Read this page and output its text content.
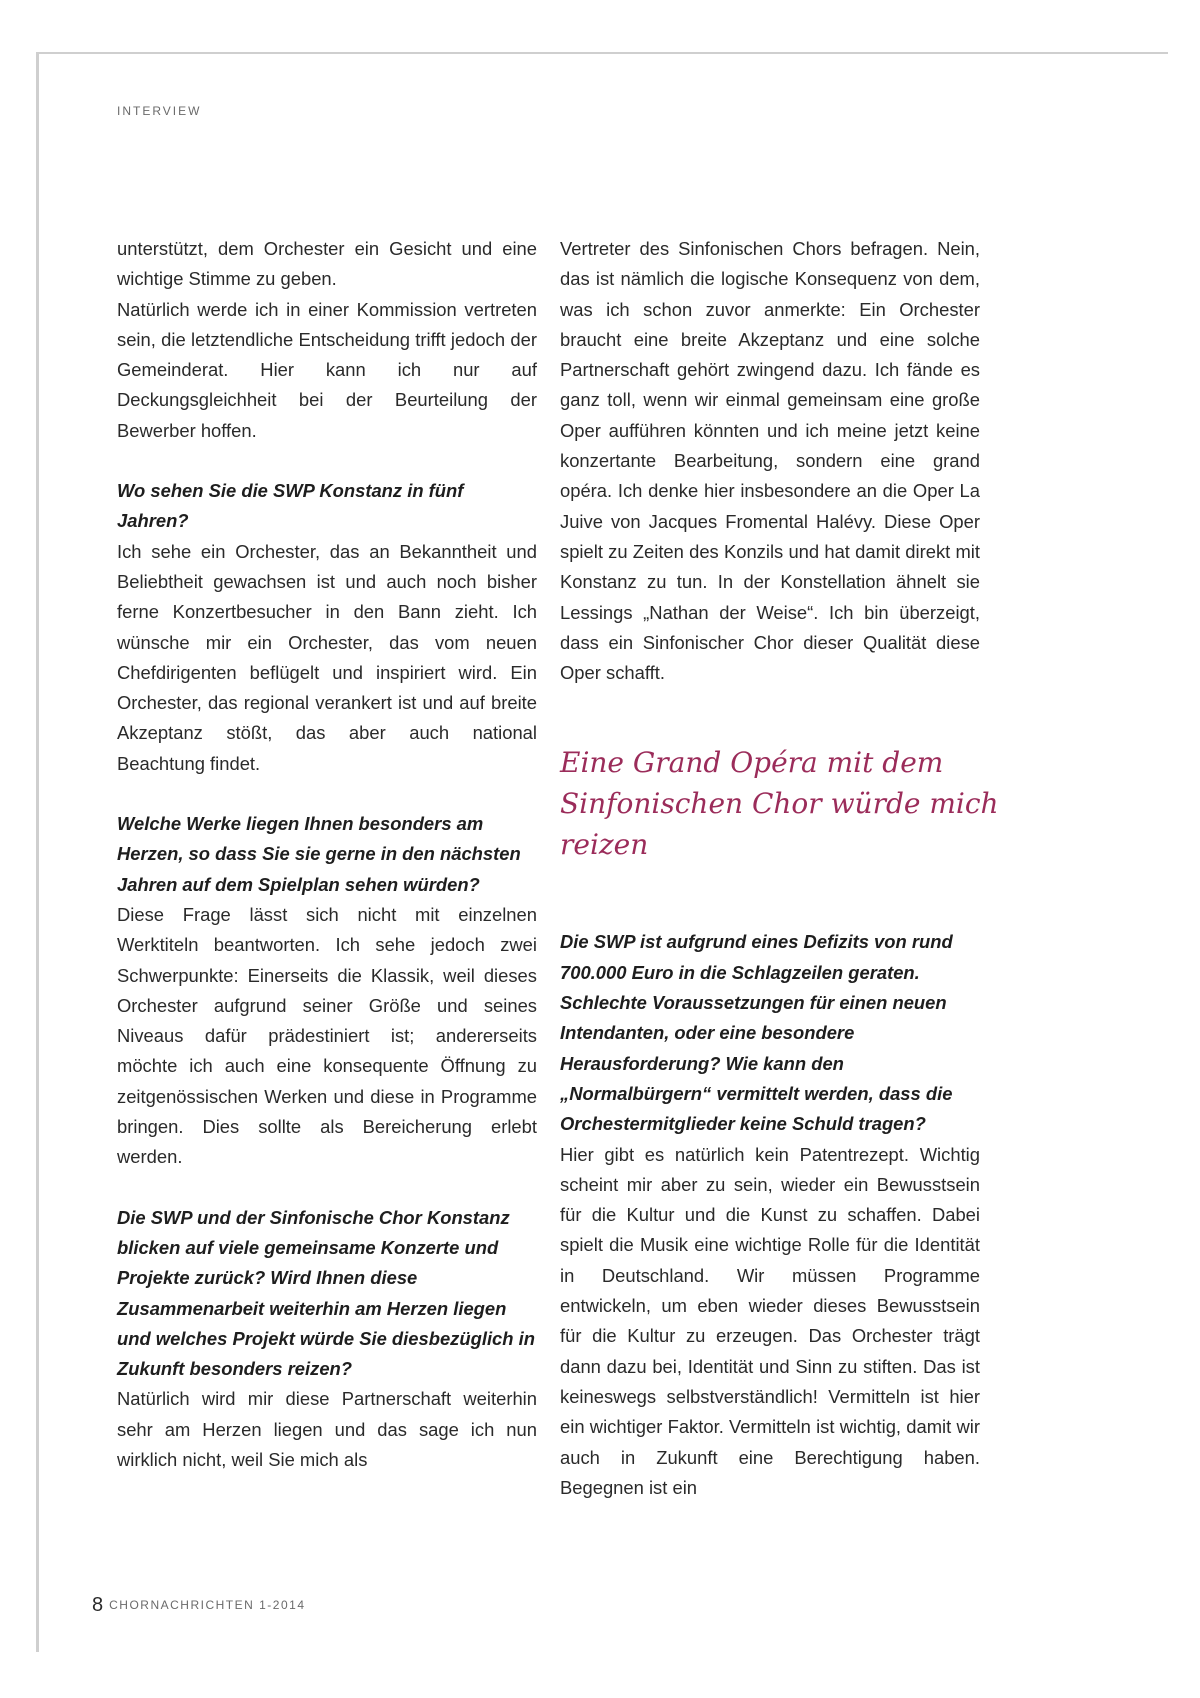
INTERVIEW

unterstützt, dem Orchester ein Gesicht und eine wichtige Stimme zu geben.

Natürlich werde ich in einer Kommission vertreten sein, die letztendliche Entscheidung trifft jedoch der Gemeinderat. Hier kann ich nur auf Deckungsgleichheit bei der Beurteilung der Bewerber hoffen.

Wo sehen Sie die SWP Konstanz in fünf Jahren?

Ich sehe ein Orchester, das an Bekanntheit und Beliebtheit gewachsen ist und auch noch bisher ferne Konzertbesucher in den Bann zieht. Ich wünsche mir ein Orchester, das vom neuen Chefdirigenten beflügelt und inspiriert wird. Ein Orchester, das regional verankert ist und auf breite Akzeptanz stößt, das aber auch national Beachtung findet.

Welche Werke liegen Ihnen besonders am Herzen, so dass Sie sie gerne in den nächsten Jahren auf dem Spielplan sehen würden?

Diese Frage lässt sich nicht mit einzelnen Werktiteln beantworten. Ich sehe jedoch zwei Schwerpunkte: Einerseits die Klassik, weil dieses Orchester aufgrund seiner Größe und seines Niveaus dafür prädestiniert ist; andererseits möchte ich auch eine konsequente Öffnung zu zeitgenössischen Werken und diese in Programme bringen. Dies sollte als Bereicherung erlebt werden.

Die SWP und der Sinfonische Chor Konstanz blicken auf viele gemeinsame Konzerte und Projekte zurück? Wird Ihnen diese Zusammenarbeit weiterhin am Herzen liegen und welches Projekt würde Sie diesbezüglich in Zukunft besonders reizen?

Natürlich wird mir diese Partnerschaft weiterhin sehr am Herzen liegen und das sage ich nun wirklich nicht, weil Sie mich als

Vertreter des Sinfonischen Chors befragen. Nein, das ist nämlich die logische Konsequenz von dem, was ich schon zuvor anmerkte: Ein Orchester braucht eine breite Akzeptanz und eine solche Partnerschaft gehört zwingend dazu. Ich fände es ganz toll, wenn wir einmal gemeinsam eine große Oper aufführen könnten und ich meine jetzt keine konzertante Bearbeitung, sondern eine grand opéra. Ich denke hier insbesondere an die Oper La Juive von Jacques Fromental Halévy. Diese Oper spielt zu Zeiten des Konzils und hat damit direkt mit Konstanz zu tun. In der Konstellation ähnelt sie Lessings „Nathan der Weise“. Ich bin überzeigt, dass ein Sinfonischer Chor dieser Qualität diese Oper schafft.

Eine Grand Opéra mit dem Sinfonischen Chor würde mich reizen

Die SWP ist aufgrund eines Defizits von rund 700.000 Euro in die Schlagzeilen geraten. Schlechte Voraussetzungen für einen neuen Intendanten, oder eine besondere Herausforderung? Wie kann den „Normalbürgern“ vermittelt werden, dass die Orchestermitglieder keine Schuld tragen?

Hier gibt es natürlich kein Patentrezept. Wichtig scheint mir aber zu sein, wieder ein Bewusstsein für die Kultur und die Kunst zu schaffen. Dabei spielt die Musik eine wichtige Rolle für die Identität in Deutschland. Wir müssen Programme entwickeln, um eben wieder dieses Bewusstsein für die Kultur zu erzeugen. Das Orchester trägt dann dazu bei, Identität und Sinn zu stiften. Das ist keineswegs selbstverständlich! Vermitteln ist hier ein wichtiger Faktor. Vermitteln ist wichtig, damit wir auch in Zukunft eine Berechtigung haben. Begegnen ist ein

8 CHORNACHRICHTEN 1-2014
